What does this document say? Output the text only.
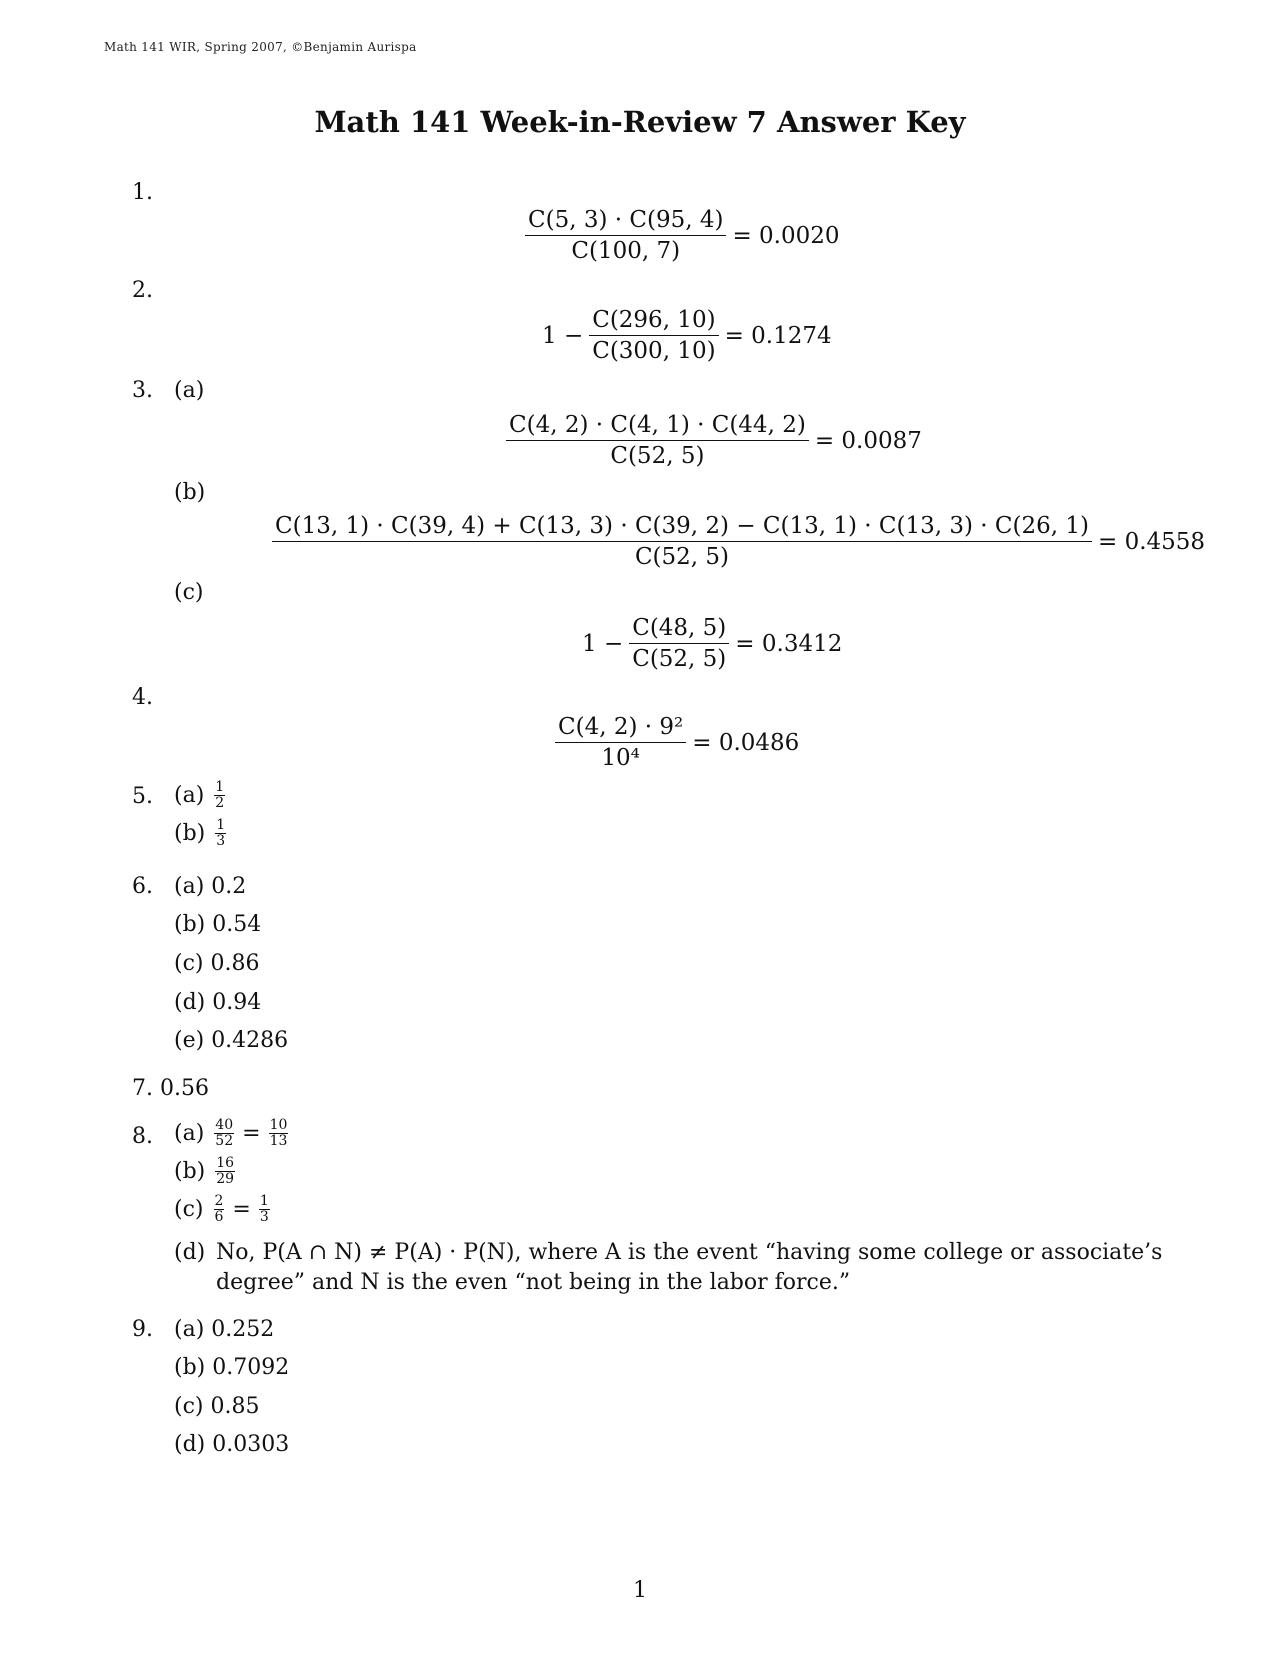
Math 141 WIR, Spring 2007, ©Benjamin Aurispa
Math 141 Week-in-Review 7 Answer Key
1.
$\frac{C(5, 3) \cdot C(95, 4)}{C(100, 7)} = 0.0020$
2.
$1 - \frac{C(296, 10)}{C(300, 10)} = 0.1274$
3. (a)
$\frac{C(4, 2) \cdot C(4, 1) \cdot C(44, 2)}{C(52, 5)} = 0.0087$
(b)
C(13, 1) · C(39, 4) + C(13, 3) · C(39, 2) − C(13, 1) · C(13, 3) · C(26, 1)
C(52, 5)
= 0.4558
(c)
$1 - \frac{C(48, 5)}{C(52, 5)} = 0.3412$
4.
$\frac{\text{C(4, 2) · 9²}}{\text{10⁴}} = 0.0486$
5. $(a) \frac{1}{2}$
$(b) \frac{1}{3}$
6. (a) 0.2
(b) 0.54
(c) 0.86
(d) 0.94
(e) 0.4286
7. 0.56
8. $(a) \frac{40}{52} = \frac{10}{13}$
$(b) \frac{16}{29}$
$(c) \frac{2}{6} = \frac{1}{3}$
(d) No, P(A ∩ N) ≠ P(A) · P(N), where A is the event “having some college or associate’s
degree” and N is the even “not being in the labor force.”
9. (a) 0.252
(b) 0.7092
(c) 0.85
(d) 0.0303
1
